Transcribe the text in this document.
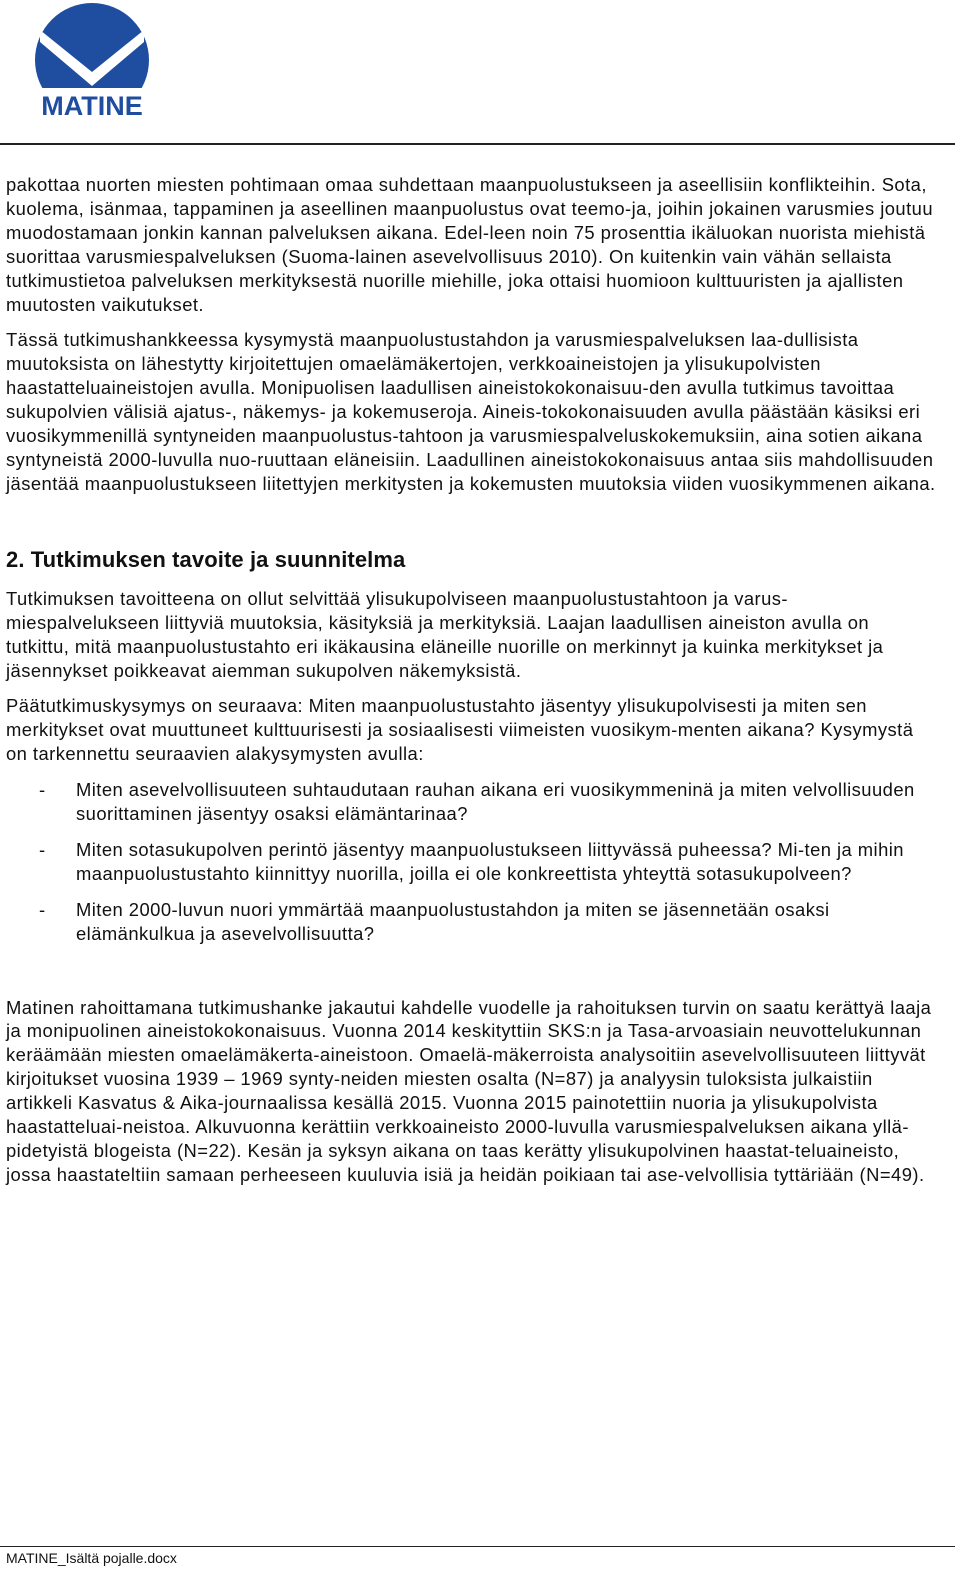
MATINE

pakottaa nuorten miesten pohtimaan omaa suhdettaan maanpuolustukseen ja aseellisiin konflikteihin. Sota, kuolema, isänmaa, tappaminen ja aseellinen maanpuolustus ovat teemo-ja, joihin jokainen varusmies joutuu muodostamaan jonkin kannan palveluksen aikana. Edel-leen noin 75 prosenttia ikäluokan nuorista miehistä suorittaa varusmiespalveluksen (Suoma-lainen asevelvollisuus 2010). On kuitenkin vain vähän sellaista tutkimustietoa palveluksen merkityksestä nuorille miehille, joka ottaisi huomioon kulttuuristen ja ajallisten muutosten vaikutukset.

Tässä tutkimushankkeessa kysymystä maanpuolustustahdon ja varusmiespalveluksen laa-dullisista muutoksista on lähestytty kirjoitettujen omaelämäkertojen, verkkoaineistojen ja ylisukupolvisten haastatteluaineistojen avulla. Monipuolisen laadullisen aineistokokonaisuu-den avulla tutkimus tavoittaa sukupolvien välisiä ajatus-, näkemys- ja kokemuseroja. Aineis-tokokonaisuuden avulla päästään käsiksi eri vuosikymmenillä syntyneiden maanpuolustus-tahtoon ja varusmiespalveluskokemuksiin, aina sotien aikana syntyneistä 2000-luvulla nuo-ruuttaan eläneisiin. Laadullinen aineistokokonaisuus antaa siis mahdollisuuden jäsentää maanpuolustukseen liitettyjen merkitysten ja kokemusten muutoksia viiden vuosikymmenen aikana.

2. Tutkimuksen tavoite ja suunnitelma

Tutkimuksen tavoitteena on ollut selvittää ylisukupolviseen maanpuolustustahtoon ja varus-miespalvelukseen liittyviä muutoksia, käsityksiä ja merkityksiä. Laajan laadullisen aineiston avulla on tutkittu, mitä maanpuolustustahto eri ikäkausina eläneille nuorille on merkinnyt ja kuinka merkitykset ja jäsennykset poikkeavat aiemman sukupolven näkemyksistä.

Päätutkimuskysymys on seuraava: Miten maanpuolustustahto jäsentyy ylisukupolvisesti ja miten sen merkitykset ovat muuttuneet kulttuurisesti ja sosiaalisesti viimeisten vuosikym-menten aikana? Kysymystä on tarkennettu seuraavien alakysymysten avulla:

- Miten asevelvollisuuteen suhtaudutaan rauhan aikana eri vuosikymmeninä ja miten velvollisuuden suorittaminen jäsentyy osaksi elämäntarinaa?
- Miten sotasukupolven perintö jäsentyy maanpuolustukseen liittyvässä puheessa? Mi-ten ja mihin maanpuolustustahto kiinnittyy nuorilla, joilla ei ole konkreettista yhteyttä sotasukupolveen?
- Miten 2000-luvun nuori ymmärtää maanpuolustustahdon ja miten se jäsennetään osaksi elämänkulkua ja asevelvollisuutta?

Matinen rahoittamana tutkimushanke jakautui kahdelle vuodelle ja rahoituksen turvin on saatu kerättyä laaja ja monipuolinen aineistokokonaisuus. Vuonna 2014 keskityttiin SKS:n ja Tasa-arvoasiain neuvottelukunnan keräämään miesten omaelämäkerta-aineistoon. Omaelä-mäkerroista analysoitiin asevelvollisuuteen liittyvät kirjoitukset vuosina 1939 – 1969 synty-neiden miesten osalta (N=87) ja analyysin tuloksista julkaistiin artikkeli Kasvatus & Aika-journaalissa kesällä 2015. Vuonna 2015 painotettiin nuoria ja ylisukupolvista haastatteluai-neistoa. Alkuvuonna kerättiin verkkoaineisto 2000-luvulla varusmiespalveluksen aikana yllä-pidetyistä blogeista (N=22). Kesän ja syksyn aikana on taas kerätty ylisukupolvinen haastat-teluaineisto, jossa haastateltiin samaan perheeseen kuuluvia isiä ja heidän poikiaan tai ase-velvollisia tyttäriään (N=49).

MATINE_Isältä pojalle.docx
